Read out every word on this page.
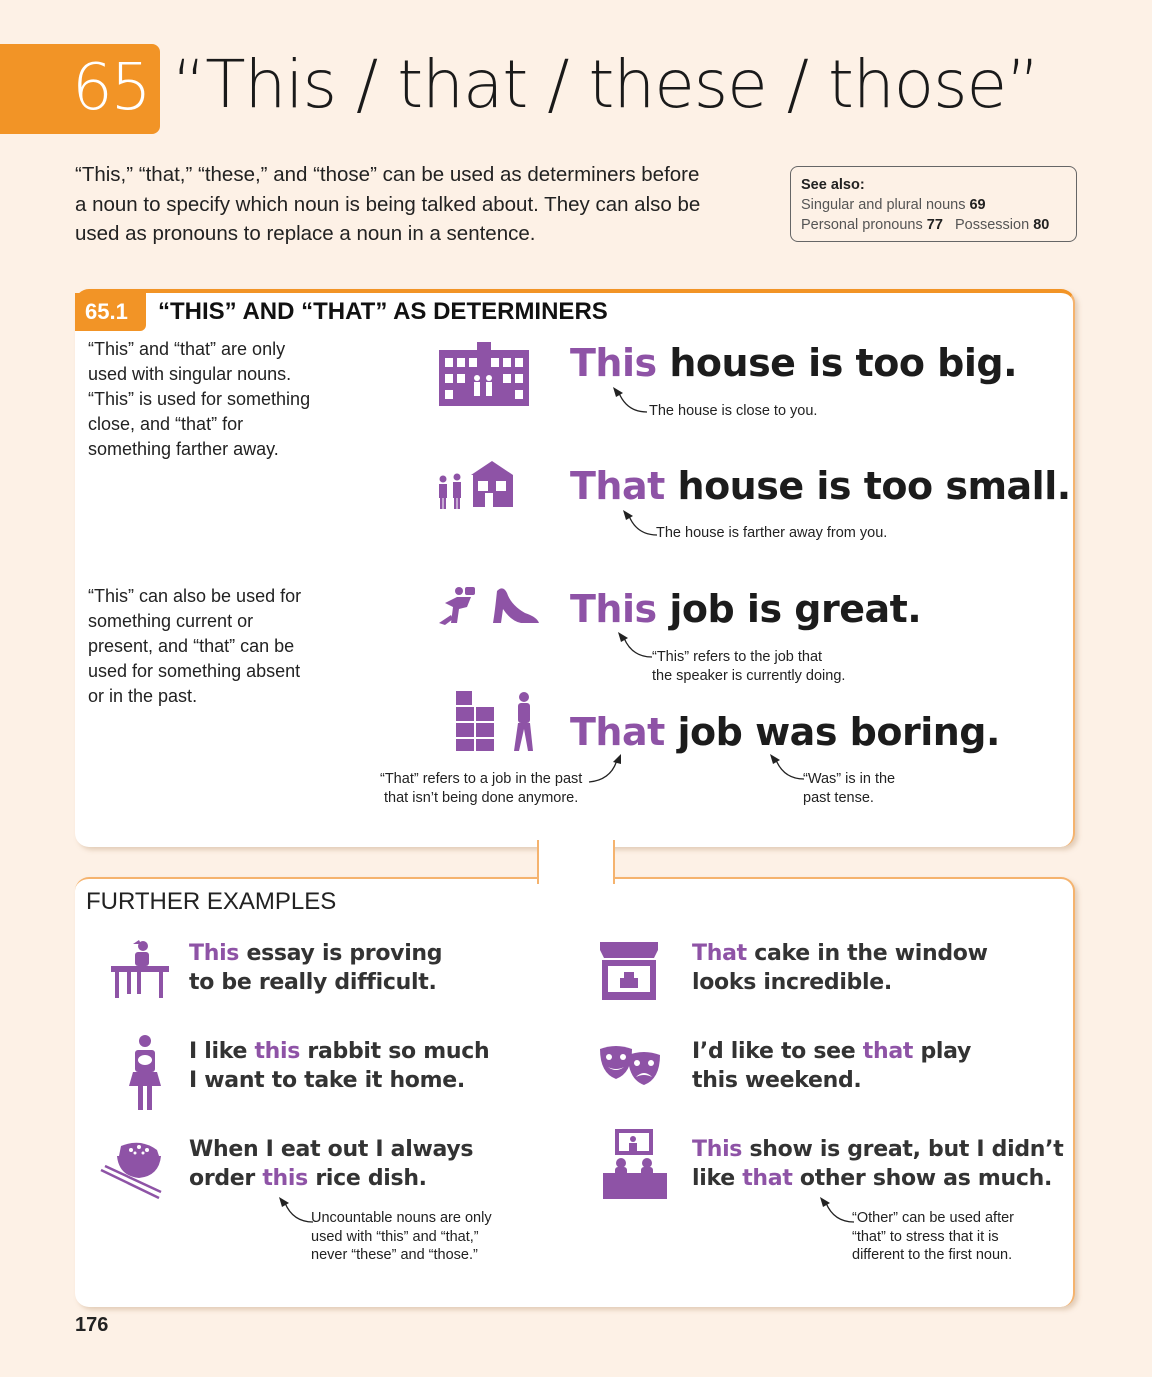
65 “This / that / these / those”

“This,” “that,” “these,” and “those” can be used as determiners before a noun to specify which noun is being talked about. They can also be used as pronouns to replace a noun in a sentence.

See also:
Singular and plural nouns 69
Personal pronouns 77 Possession 80
65.1	“THIS” AND “THAT” AS DETERMINERS

“This” and “that” are only used with singular nouns. “This” is used for something close, and “that” for something farther away.

“This” can also be used for something current or present, and “that” can be used for something absent or in the past.

This house is too big.
The house is close to you.
That house is too small.
The house is farther away from you.
This job is great.
“This” refers to the job that
the speaker is currently doing.
That job was boring.
“That” refers to a job in the past
that isn’t being done anymore.
“Was” is in the
past tense.
FURTHER EXAMPLES
This essay is proving
to be really difficult.
That cake in the window
looks incredible.
I like this rabbit so much
I want to take it home.
I’d like to see that play
this weekend.
When I eat out I always
order this rice dish.
Uncountable nouns are only
used with “this” and “that,”
never “these” and “those.”
This show is great, but I didn’t
like that other show as much.
“Other” can be used after
“that” to stress that it is
different to the first noun.
176
